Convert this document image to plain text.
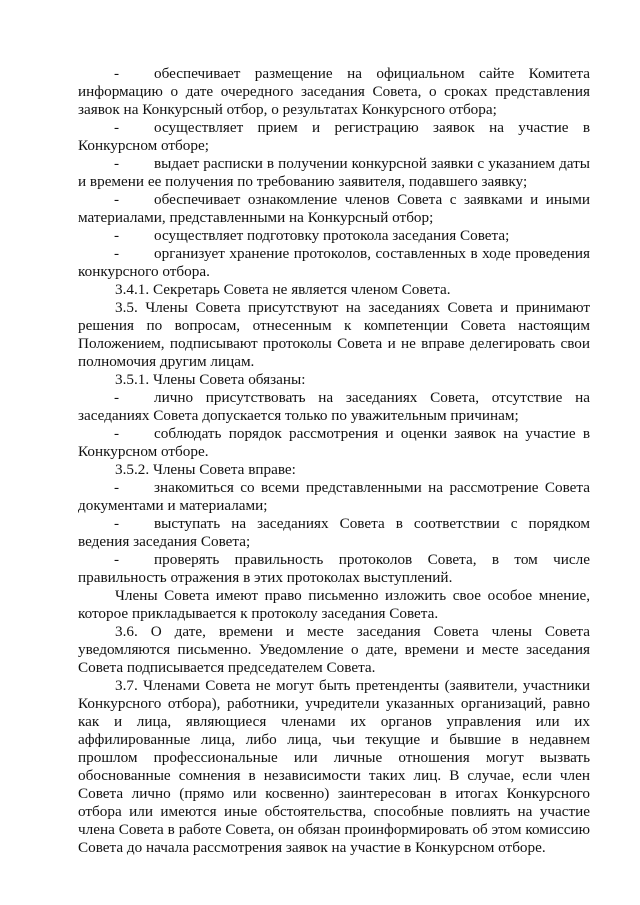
- обеспечивает размещение на официальном сайте Комитета информацию о дате очередного заседания Совета, о сроках представления заявок на Конкурсный отбор, о результатах Конкурсного отбора;

- осуществляет прием и регистрацию заявок на участие в Конкурсном отборе;

- выдает расписки в получении конкурсной заявки с указанием даты и времени ее получения по требованию заявителя, подавшего заявку;

- обеспечивает ознакомление членов Совета с заявками и иными материалами, представленными на Конкурсный отбор;

- осуществляет подготовку протокола заседания Совета;

- организует хранение протоколов, составленных в ходе проведения конкурсного отбора.

3.4.1. Секретарь Совета не является членом Совета.

3.5. Члены Совета присутствуют на заседаниях Совета и принимают решения по вопросам, отнесенным к компетенции Совета настоящим Положением, подписывают протоколы Совета и не вправе делегировать свои полномочия другим лицам.

3.5.1. Члены Совета обязаны:

- лично присутствовать на заседаниях Совета, отсутствие на заседаниях Совета допускается только по уважительным причинам;

- соблюдать порядок рассмотрения и оценки заявок на участие в Конкурсном отборе.

3.5.2. Члены Совета вправе:

- знакомиться со всеми представленными на рассмотрение Совета документами и материалами;

- выступать на заседаниях Совета в соответствии с порядком ведения заседания Совета;

- проверять правильность протоколов Совета, в том числе правильность отражения в этих протоколах выступлений.

Члены Совета имеют право письменно изложить свое особое мнение, которое прикладывается к протоколу заседания Совета.

3.6. О дате, времени и месте заседания Совета члены Совета уведомляются письменно. Уведомление о дате, времени и месте заседания Совета подписывается председателем Совета.

3.7. Членами Совета не могут быть претенденты (заявители, участники Конкурсного отбора), работники, учредители указанных организаций, равно как и лица, являющиеся членами их органов управления или их аффилированные лица, либо лица, чьи текущие и бывшие в недавнем прошлом профессиональные или личные отношения могут вызвать обоснованные сомнения в независимости таких лиц. В случае, если член Совета лично (прямо или косвенно) заинтересован в итогах Конкурсного отбора или имеются иные обстоятельства, способные повлиять на участие члена Совета в работе Совета, он обязан проинформировать об этом комиссию Совета до начала рассмотрения заявок на участие в Конкурсном отборе.
